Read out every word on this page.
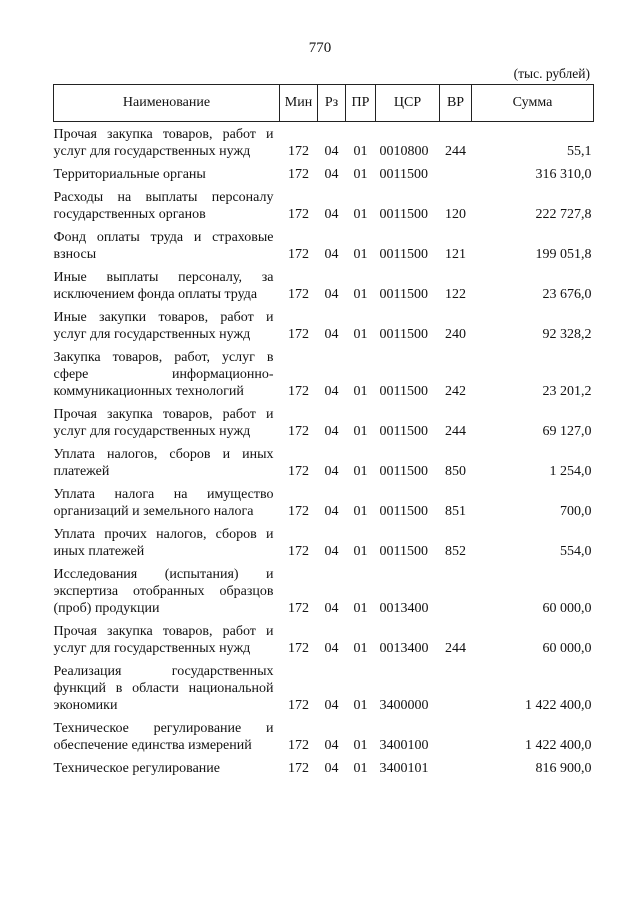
770
(тыс. рублей)
Наименование	Мин	Рз	ПР	ЦСР	ВР	Сумма
Прочая закупка товаров, работ и услуг для государственных нужд	172	04	01	0010800	244	55,1
Территориальные органы	172	04	01	0011500		316 310,0
Расходы на выплаты персоналу государственных органов	172	04	01	0011500	120	222 727,8
Фонд оплаты труда и страховые взносы	172	04	01	0011500	121	199 051,8
Иные выплаты персоналу, за исключением фонда оплаты труда	172	04	01	0011500	122	23 676,0
Иные закупки товаров, работ и услуг для государственных нужд	172	04	01	0011500	240	92 328,2
Закупка товаров, работ, услуг в сфере информационно-коммуникационных технологий	172	04	01	0011500	242	23 201,2
Прочая закупка товаров, работ и услуг для государственных нужд	172	04	01	0011500	244	69 127,0
Уплата налогов, сборов и иных платежей	172	04	01	0011500	850	1 254,0
Уплата налога на имущество организаций и земельного налога	172	04	01	0011500	851	700,0
Уплата прочих налогов, сборов и иных платежей	172	04	01	0011500	852	554,0
Исследования (испытания) и экспертиза отобранных образцов (проб) продукции	172	04	01	0013400		60 000,0
Прочая закупка товаров, работ и услуг для государственных нужд	172	04	01	0013400	244	60 000,0
Реализация государственных функций в области национальной экономики	172	04	01	3400000		1 422 400,0
Техническое регулирование и обеспечение единства измерений	172	04	01	3400100		1 422 400,0
Техническое регулирование	172	04	01	3400101		816 900,0
